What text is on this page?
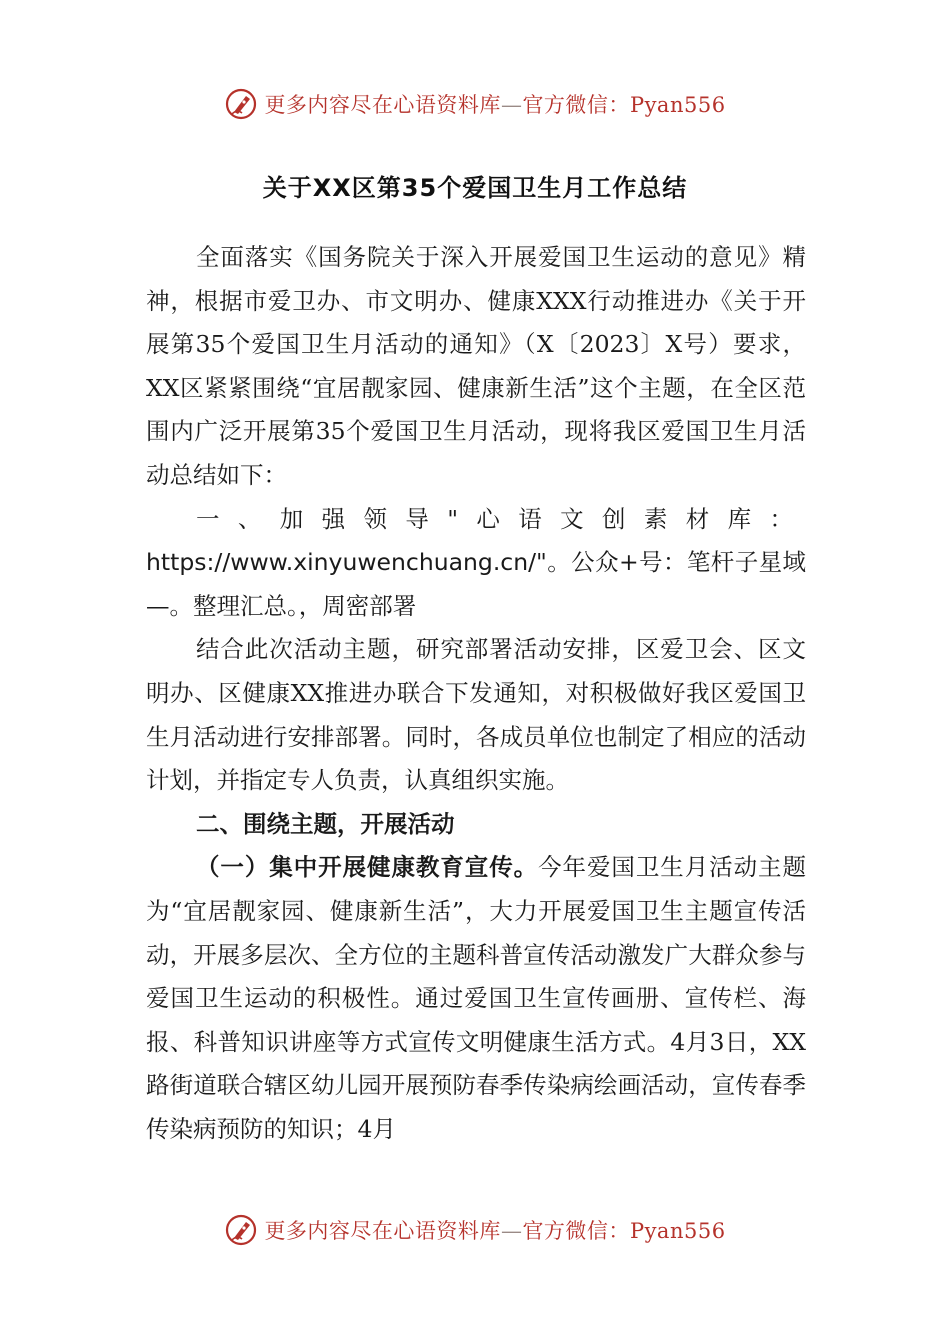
更多内容尽在心语资料库—官方微信：Pyan556
关于XX区第35个爱国卫生月工作总结

全面落实《国务院关于深入开展爱国卫生运动的意见》精神，根据市爱卫办、市文明办、健康XXX行动推进办《关于开展第35个爱国卫生月活动的通知》（X〔2023〕X号）要求，XX区紧紧围绕“宜居靓家园、健康新生活”这个主题，在全区范围内广泛开展第35个爱国卫生月活动，现将我区爱国卫生月活动总结如下：

一、加强领导"心语文创素材库：https://www.xinyuwenchuang.cn/"。公众+号：笔杆子星域—。整理汇总。，周密部署

结合此次活动主题，研究部署活动安排，区爱卫会、区文明办、区健康XX推进办联合下发通知，对积极做好我区爱国卫生月活动进行安排部署。同时，各成员单位也制定了相应的活动计划，并指定专人负责，认真组织实施。

二、围绕主题，开展活动

（一）集中开展健康教育宣传。今年爱国卫生月活动主题为“宜居靓家园、健康新生活”，大力开展爱国卫生主题宣传活动，开展多层次、全方位的主题科普宣传活动激发广大群众参与爱国卫生运动的积极性。通过爱国卫生宣传画册、宣传栏、海报、科普知识讲座等方式宣传文明健康生活方式。4月3日，XX路街道联合辖区幼儿园开展预防春季传染病绘画活动，宣传春季传染病预防的知识；4月

更多内容尽在心语资料库—官方微信：Pyan556
